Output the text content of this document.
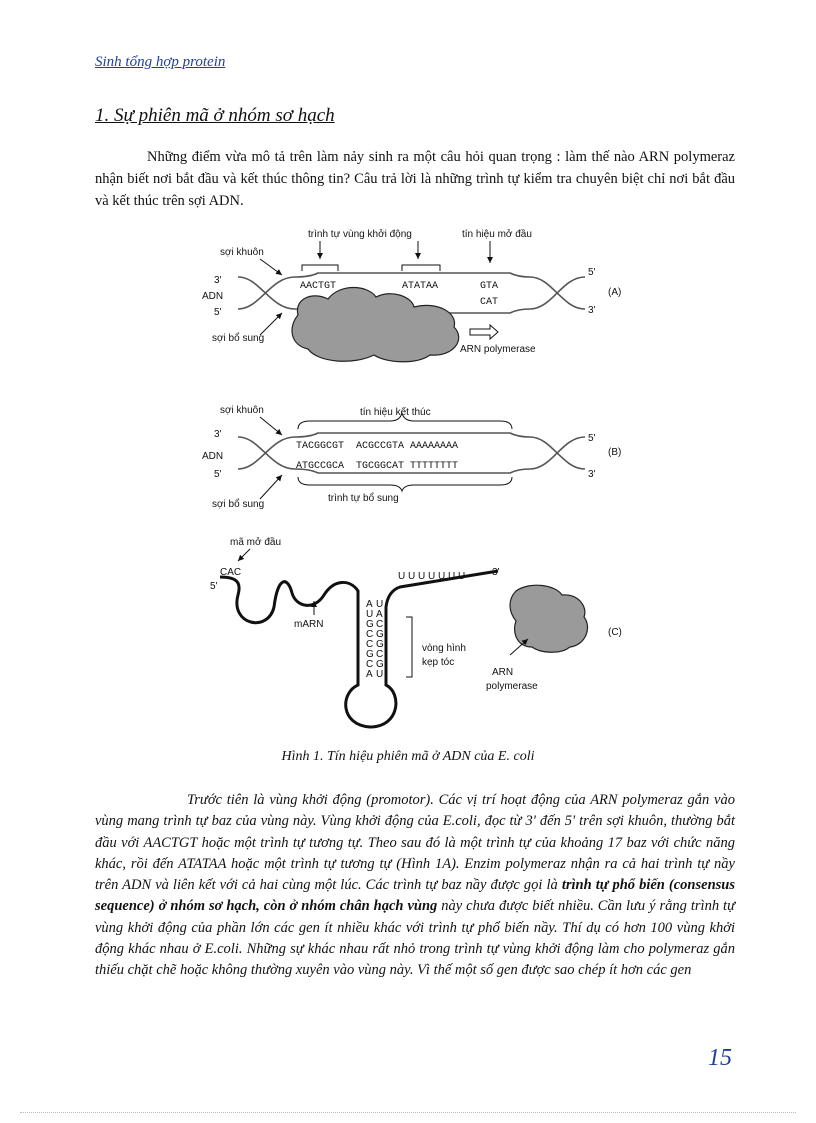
Sinh tổng hợp protein
1. Sự phiên mã ở nhóm sơ hạch
Những điểm vừa mô tả trên làm nảy sinh ra một câu hỏi quan trọng : làm thế nào ARN polymeraz nhận biết nơi bắt đầu và kết thúc thông tin? Câu trả lời là những trình tự kiểm tra chuyên biệt chỉ nơi bắt đầu và kết thúc trên sợi ADN.
trình tự vùng khởi động	tín hiệu mở đầu
sợi khuôn
3'
ADN
5'
AACTGT	ATATAA	GTA
CAT
5'
3'
(A)
ARN polymerase
sợi bổ sung
sợi khuôn	tín hiệu kết thúc
3'
ADN
5'
TACGGCGT  ACGCCGTA AAAAAAAA
ATGCCGCA  TGCGGCAT TTTTTTTT
5'
3'
(B)
trình tự bổ sung
sợi bổ sung
mã mở đầu
CAC
5'
mARN
A
U
G
C
C
G
C
A
U
A
C
G
G
C
G
U
U U U U U U U	3'
vòng hình
kẹp tóc
ARN
polymerase
(C)
Hình 1. Tín hiệu phiên mã ở ADN của E. coli
Trước tiên là vùng khởi động (promotor). Các vị trí hoạt động của ARN polymeraz gắn vào vùng mang trình tự baz của vùng này. Vùng khởi động của E.coli, đọc từ 3' đến 5' trên sợi khuôn, thường bắt đầu với AACTGT hoặc một trình tự tương tự. Theo sau đó là một trình tự của khoảng 17 baz với chức năng khác, rồi đến ATATAA hoặc một trình tự tương tự (Hình 1A). Enzim polymeraz nhận ra cả hai trình tự nầy trên ADN và liên kết với cả hai cùng một lúc. Các trình tự baz nầy được gọi là trình tự phổ biến (consensus sequence) ở nhóm sơ hạch, còn ở nhóm chân hạch vùng này chưa được biết nhiều. Cần lưu ý rằng trình tự vùng khởi động của phần lớn các gen ít nhiều khác với trình tự phổ biến nầy. Thí dụ có hơn 100 vùng khởi động khác nhau ở E.coli. Những sự khác nhau rất nhỏ trong trình tự vùng khởi động làm cho polymeraz gắn thiếu chặt chẽ hoặc không thường xuyên vào vùng này. Vì thế một số gen được sao chép ít hơn các gen
15
